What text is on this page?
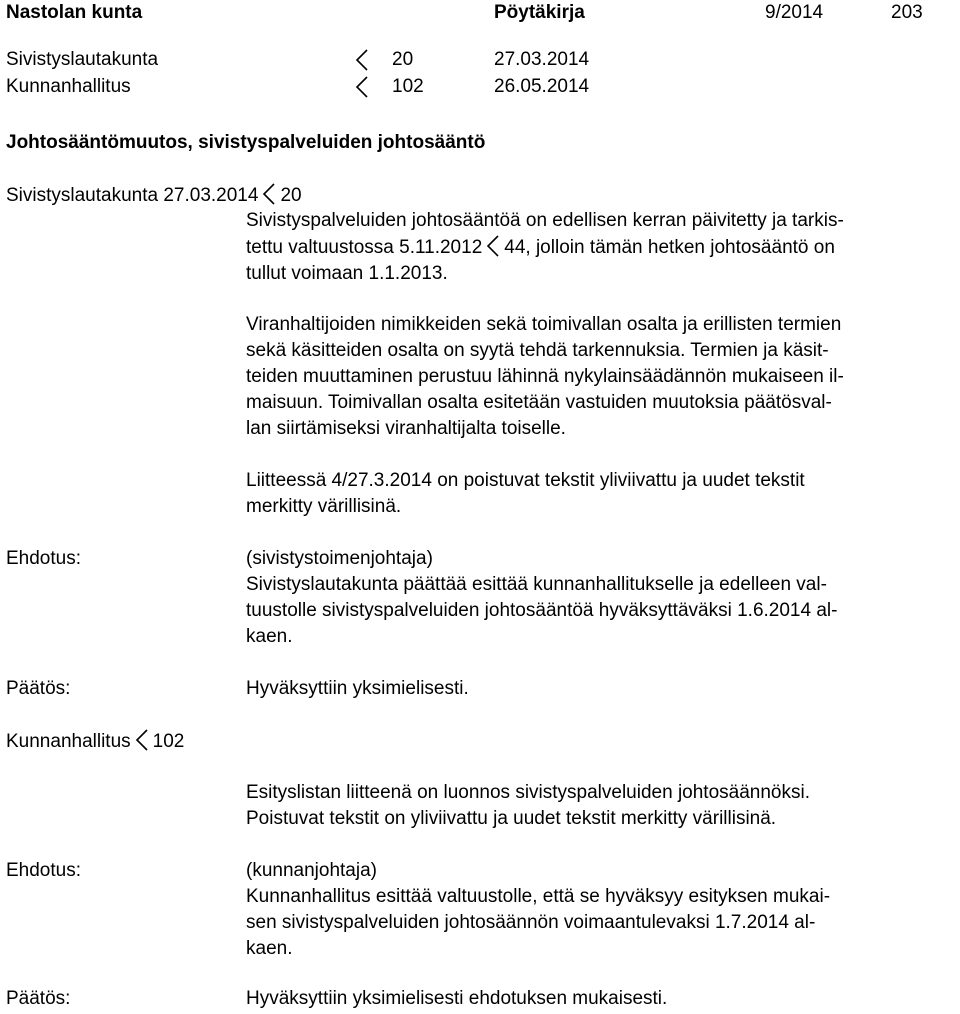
Nastolan kunta	Pöytäkirja	9/2014	203
Sivistyslautakunta	20	27.03.2014
Kunnanhallitus	102	26.05.2014
Johtosääntömuutos, sivistyspalveluiden johtosääntö
Sivistyslautakunta 27.03.2014 20
Sivistyspalveluiden johtosääntöä on edellisen kerran päivitetty ja tarkis-
tettu valtuustossa 5.11.2012 44, jolloin tämän hetken johtosääntö on
tullut voimaan 1.1.2013.
Viranhaltijoiden nimikkeiden sekä toimivallan osalta ja erillisten termien
sekä käsitteiden osalta on syytä tehdä tarkennuksia. Termien ja käsit-
teiden muuttaminen perustuu lähinnä nykylainsäädännön mukaiseen il-
maisuun. Toimivallan osalta esitetään vastuiden muutoksia päätösval-
lan siirtämiseksi viranhaltijalta toiselle.
Liitteessä 4/27.3.2014 on poistuvat tekstit yliviivattu ja uudet tekstit
merkitty värillisinä.
Ehdotus:	(sivistystoimenjohtaja)
Sivistyslautakunta päättää esittää kunnanhallitukselle ja edelleen val-
tuustolle sivistyspalveluiden johtosääntöä hyväksyttäväksi 1.6.2014 al-
kaen.
Päätös:	Hyväksyttiin yksimielisesti.
Kunnanhallitus 102
Esityslistan liitteenä on luonnos sivistyspalveluiden johtosäännöksi.
Poistuvat tekstit on yliviivattu ja uudet tekstit merkitty värillisinä.
Ehdotus:	(kunnanjohtaja)
Kunnanhallitus esittää valtuustolle, että se hyväksyy esityksen mukai-
sen sivistyspalveluiden johtosäännön voimaantulevaksi 1.7.2014 al-
kaen.
Päätös:	Hyväksyttiin yksimielisesti ehdotuksen mukaisesti.
